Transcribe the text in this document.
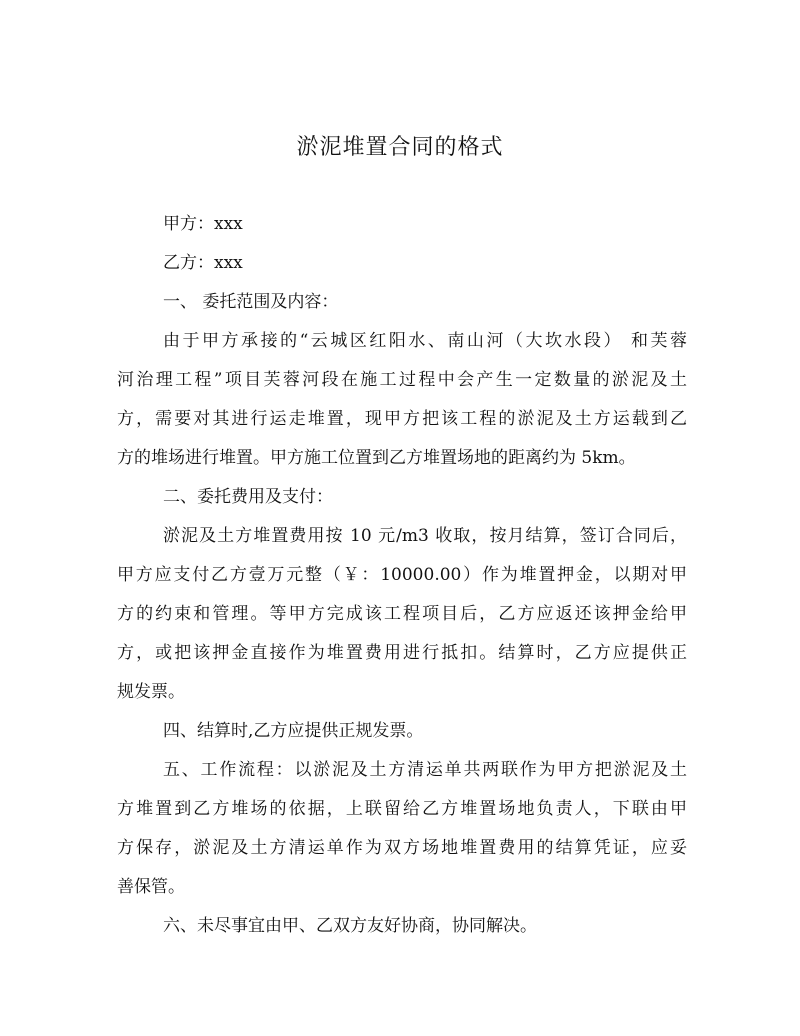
淤泥堆置合同的格式

甲方：xxx

乙方：xxx

一、 委托范围及内容：

由于甲方承接的“云城区红阳水、南山河（大坎水段） 和芙蓉

河治理工程”项目芙蓉河段在施工过程中会产生一定数量的淤泥及土

方，需要对其进行运走堆置，现甲方把该工程的淤泥及土方运载到乙

方的堆场进行堆置。甲方施工位置到乙方堆置场地的距离约为 5km。

二、委托费用及支付：

淤泥及土方堆置费用按 10 元/m3 收取，按月结算，签订合同后，

甲方应支付乙方壹万元整（￥：10000.00）作为堆置押金，以期对甲

方的约束和管理。等甲方完成该工程项目后，乙方应返还该押金给甲

方，或把该押金直接作为堆置费用进行抵扣。结算时，乙方应提供正

规发票。

四、结算时,乙方应提供正规发票。

五、工作流程：以淤泥及土方清运单共两联作为甲方把淤泥及土

方堆置到乙方堆场的依据，上联留给乙方堆置场地负责人，下联由甲

方保存，淤泥及土方清运单作为双方场地堆置费用的结算凭证，应妥

善保管。

六、未尽事宜由甲、乙双方友好协商，协同解决。
